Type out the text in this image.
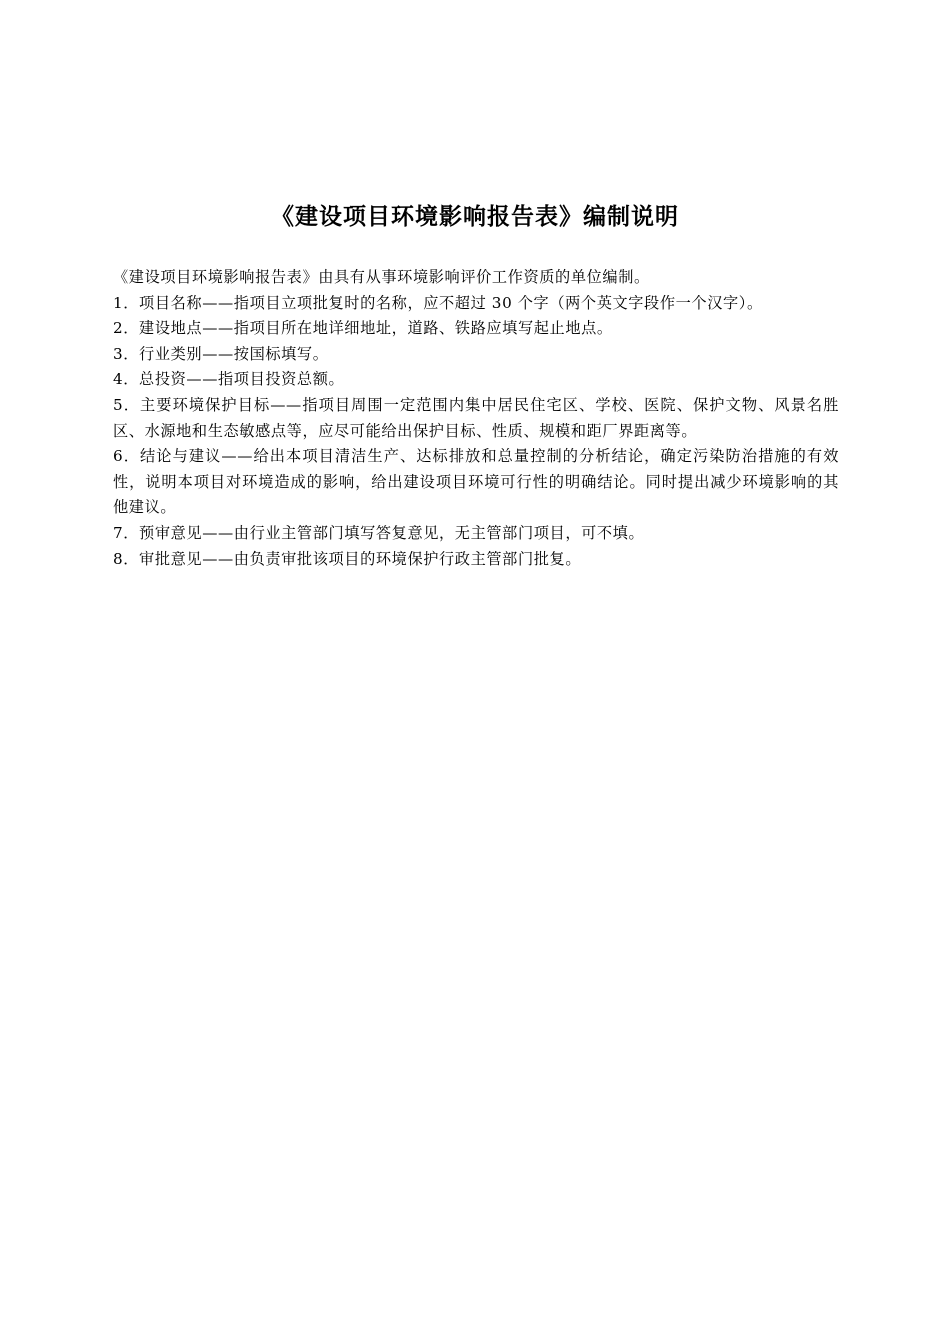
《建设项目环境影响报告表》编制说明

《建设项目环境影响报告表》由具有从事环境影响评价工作资质的单位编制。

1．项目名称——指项目立项批复时的名称，应不超过 30 个字（两个英文字段作一个汉字）。

2．建设地点——指项目所在地详细地址，道路、铁路应填写起止地点。

3．行业类别——按国标填写。

4．总投资——指项目投资总额。

5．主要环境保护目标——指项目周围一定范围内集中居民住宅区、学校、医院、保护文物、风景名胜区、水源地和生态敏感点等，应尽可能给出保护目标、性质、规模和距厂界距离等。

6．结论与建议——给出本项目清洁生产、达标排放和总量控制的分析结论，确定污染防治措施的有效性，说明本项目对环境造成的影响，给出建设项目环境可行性的明确结论。同时提出减少环境影响的其他建议。

7．预审意见——由行业主管部门填写答复意见，无主管部门项目，可不填。

8．审批意见——由负责审批该项目的环境保护行政主管部门批复。
